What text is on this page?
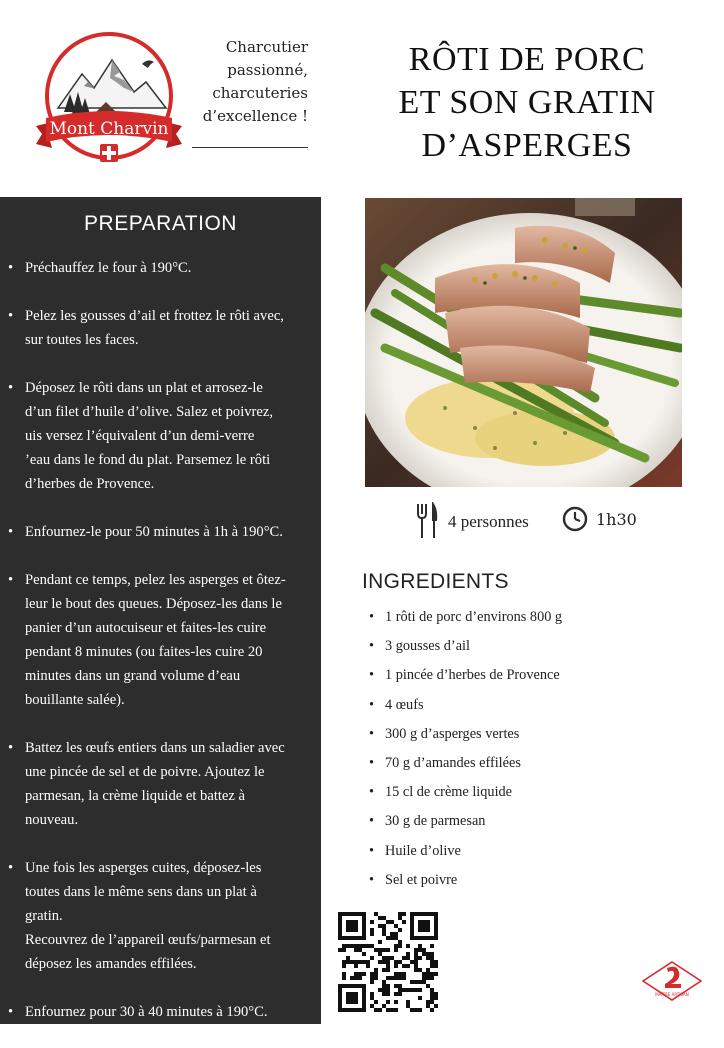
Mont Charvin
Charcutier
passionné,
charcuteries
d’excellence !
RÔTI DE PORC
ET SON GRATIN
D’ASPERGES
PREPARATION
• Préchauffez le four à 190°C.
• Pelez les gousses d’ail et frottez le rôti avec,
sur toutes les faces.
• Déposez le rôti dans un plat et arrosez-le
d’un filet d’huile d’olive. Salez et poivrez,
uis versez l’équivalent d’un demi-verre
’eau dans le fond du plat. Parsemez le rôti
d’herbes de Provence.
• Enfournez-le pour 50 minutes à 1h à 190°C.
• Pendant ce temps, pelez les asperges et ôtez-
leur le bout des queues. Déposez-les dans le
panier d’un autocuiseur et faites-les cuire
pendant 8 minutes (ou faites-les cuire 20
minutes dans un grand volume d’eau
bouillante salée).
• Battez les œufs entiers dans un saladier avec
une pincée de sel et de poivre. Ajoutez le
parmesan, la crème liquide et battez à
nouveau.
• Une fois les asperges cuites, déposez-les
toutes dans le même sens dans un plat à
gratin.
Recouvrez de l’appareil œufs/parmesan et
déposez les amandes effilées.
• Enfournez pour 30 à 40 minutes à 190°C.
4 personnes	1h30
INGREDIENTS
• 1 rôti de porc d’environs 800 g
• 3 gousses d’ail
• 1 pincée d’herbes de Provence
• 4 œufs
• 300 g d’asperges vertes
• 70 g d’amandes effilées
• 15 cl de crème liquide
• 30 g de parmesan
• Huile d’olive
• Sel et poivre
MAÎTRE ARTISAN
